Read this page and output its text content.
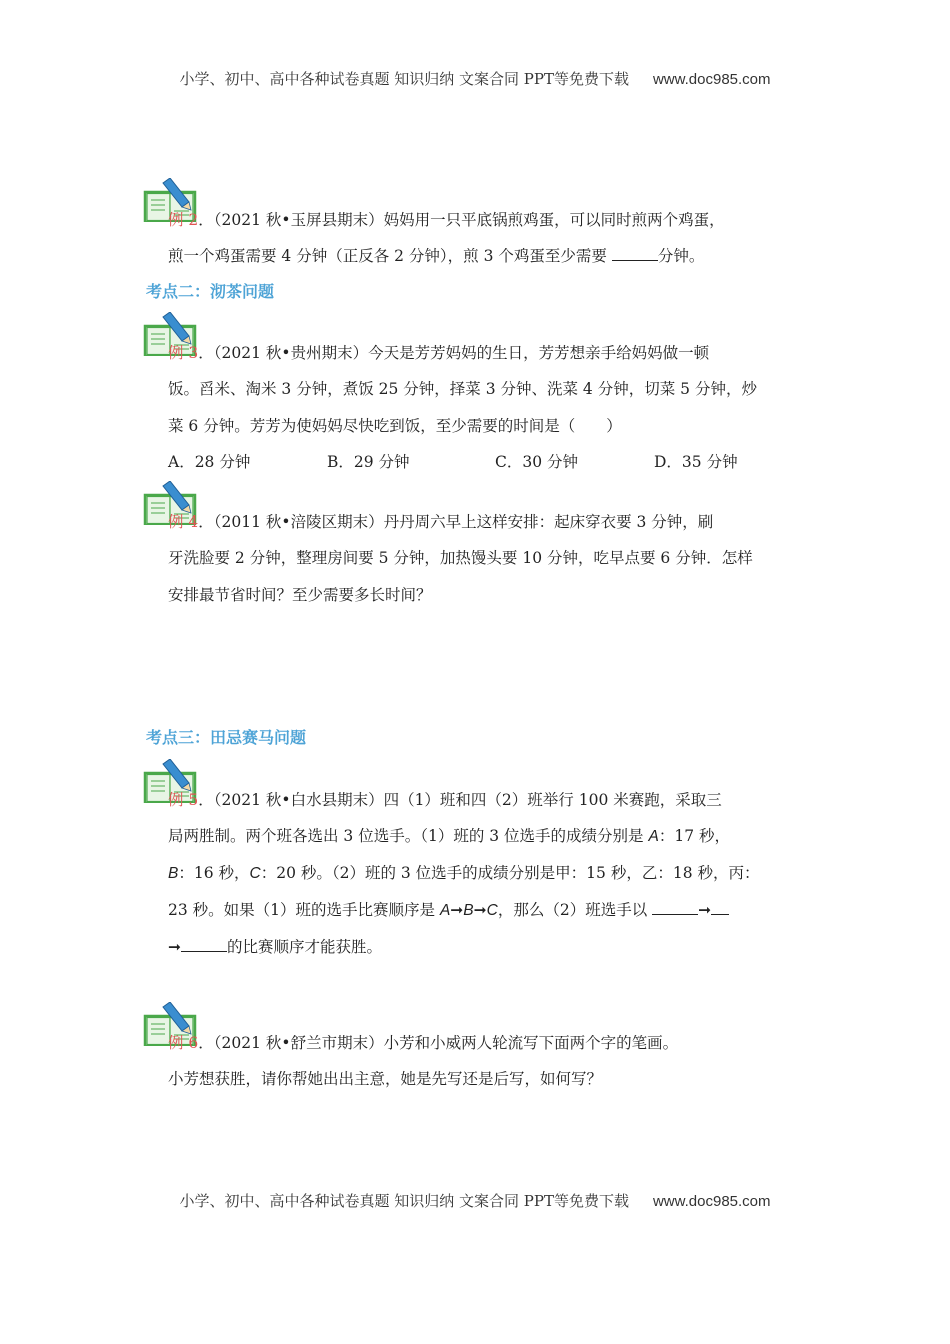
小学、初中、高中各种试卷真题 知识归纳 文案合同 PPT等免费下载 www.doc985.com
例 2．（2021 秋•玉屏县期末）妈妈用一只平底锅煎鸡蛋，可以同时煎两个鸡蛋，
煎一个鸡蛋需要 4 分钟（正反各 2 分钟），煎 3 个鸡蛋至少需要	分钟。
考点二：沏茶问题
例 3．（2021 秋•贵州期末）今天是芳芳妈妈的生日，芳芳想亲手给妈妈做一顿
饭。舀米、淘米 3 分钟，煮饭 25 分钟，择菜 3 分钟、洗菜 4 分钟，切菜 5 分钟，炒
菜 6 分钟。芳芳为使妈妈尽快吃到饭，至少需要的时间是（　　）
A．28 分钟	B．29 分钟	C．30 分钟	D．35 分钟
例 4．（2011 秋•涪陵区期末）丹丹周六早上这样安排：起床穿衣要 3 分钟，刷
牙洗脸要 2 分钟，整理房间要 5 分钟，加热馒头要 10 分钟，吃早点要 6 分钟．怎样
安排最节省时间？至少需要多长时间？
考点三：田忌赛马问题
例 5．（2021 秋•白水县期末）四（1）班和四（2）班举行 100 米赛跑，采取三
局两胜制。两个班各选出 3 位选手。（1）班的 3 位选手的成绩分别是 A：17 秒，
B：16 秒，C：20 秒。（2）班的 3 位选手的成绩分别是甲：15 秒，乙：18 秒，丙：
23 秒。如果（1）班的选手比赛顺序是 A➞B➞C，那么（2）班选手以	➞
➞	的比赛顺序才能获胜。
例 6．（2021 秋•舒兰市期末）小芳和小威两人轮流写下面两个字的笔画。
小芳想获胜，请你帮她出出主意，她是先写还是后写，如何写？
小学、初中、高中各种试卷真题 知识归纳 文案合同 PPT等免费下载 www.doc985.com
